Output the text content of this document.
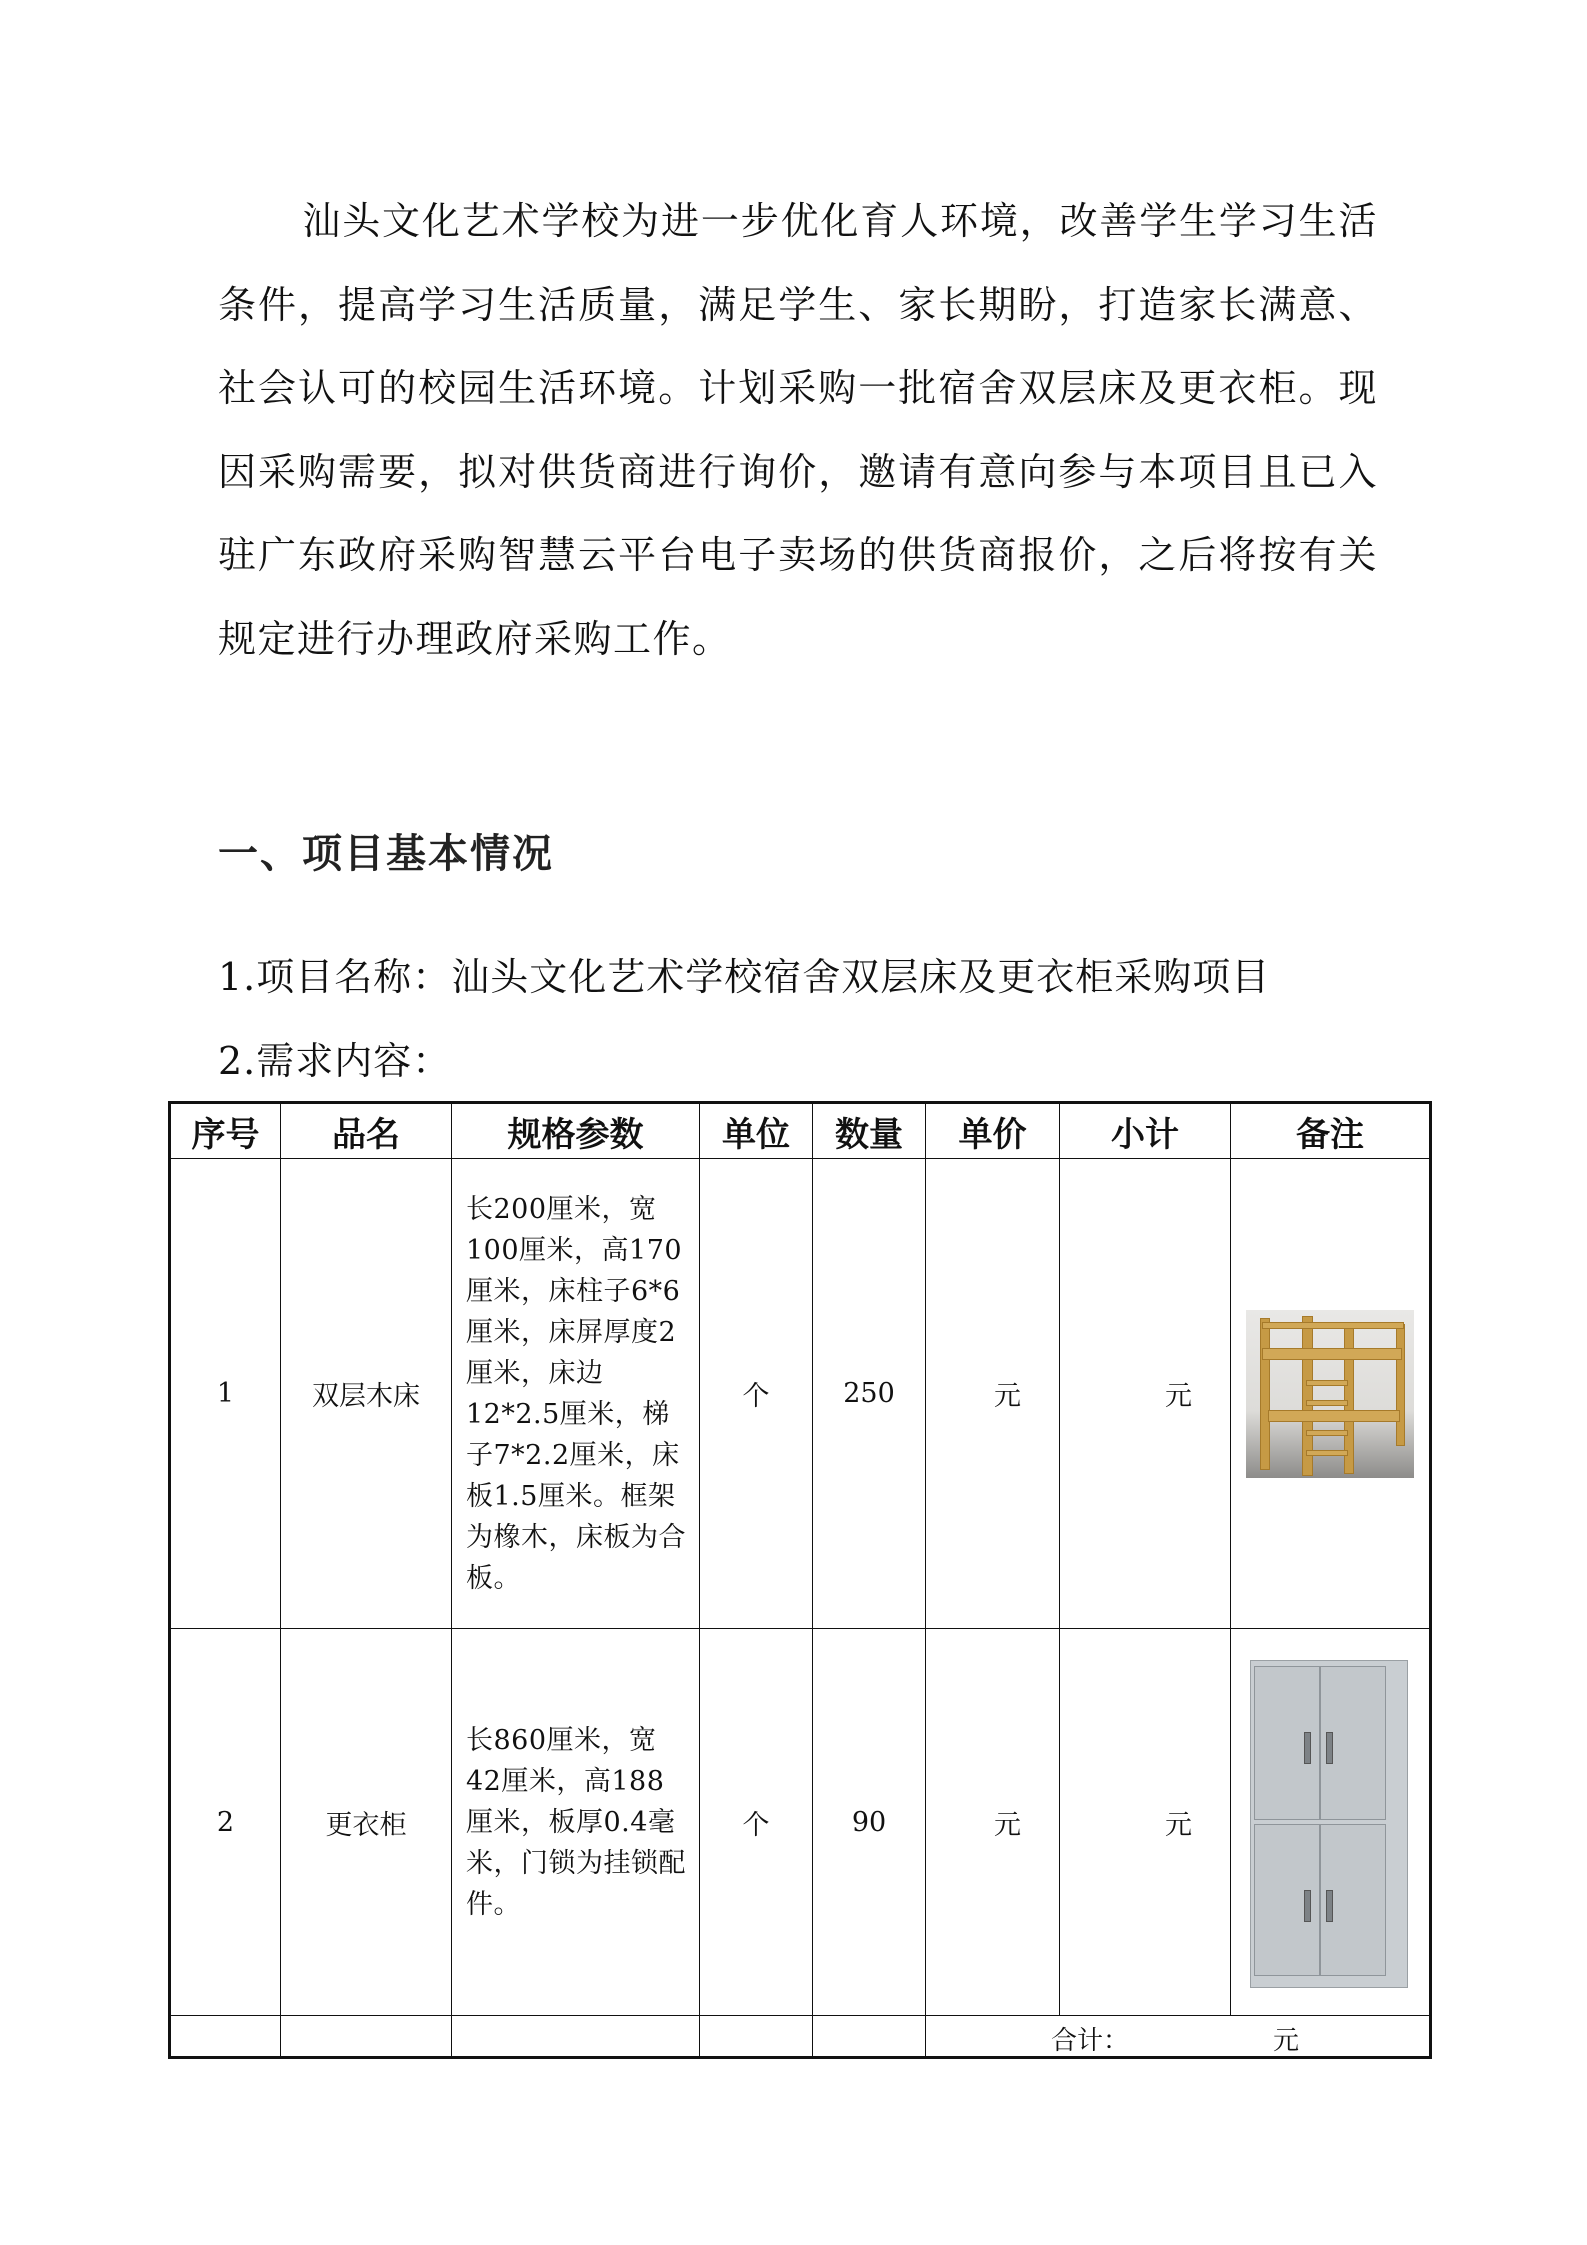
汕头文化艺术学校为进一步优化育人环境，改善学生学习生活条件，提高学习生活质量，满足学生、家长期盼，打造家长满意、社会认可的校园生活环境。计划采购一批宿舍双层床及更衣柜。现因采购需要，拟对供货商进行询价，邀请有意向参与本项目且已入驻广东政府采购智慧云平台电子卖场的供货商报价，之后将按有关规定进行办理政府采购工作。
一、项目基本情况
1.项目名称：汕头文化艺术学校宿舍双层床及更衣柜采购项目
2.需求内容：
序号	品名	规格参数	单位	数量	单价	小计	备注
1	双层木床	长200厘米，宽100厘米，高170厘米，床柱子6*6厘米，床屏厚度2厘米，床边12*2.5厘米，梯子7*2.2厘米，床板1.5厘米。框架为橡木，床板为合板。	个	250	元	元	

2	更衣柜	长860厘米，宽42厘米，高188厘米，板厚0.4毫米，门锁为挂锁配件。	个	90	元	元	

					合计： 元		
